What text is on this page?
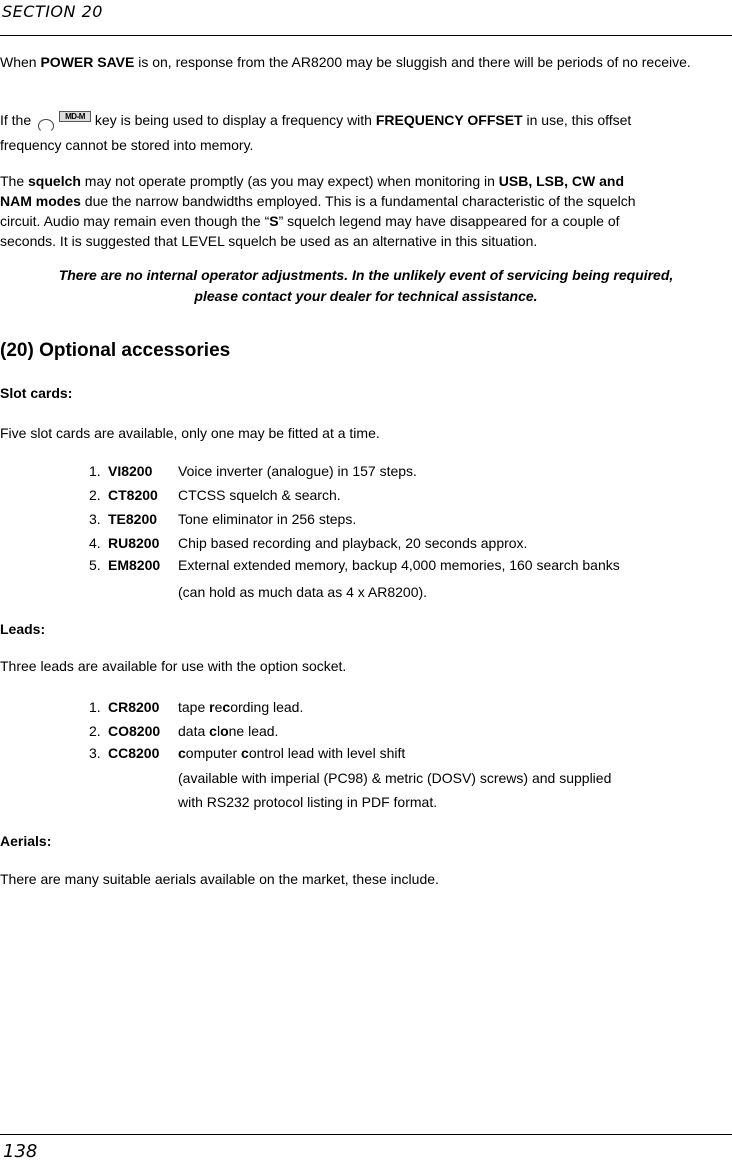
SECTION 20

When POWER SAVE is on, response from the AR8200 may be sluggish and there will be periods of no receive.

If the	MD-M key is being used to display a frequency with FREQUENCY OFFSET in use, this offset
frequency cannot be stored into memory.
The squelch may not operate promptly (as you may expect) when monitoring in USB, LSB, CW and
NAM modes due the narrow bandwidths employed. This is a fundamental characteristic of the squelch
circuit. Audio may remain even though the “S” squelch legend may have disappeared for a couple of
seconds. It is suggested that LEVEL squelch be used as an alternative in this situation.
There are no internal operator adjustments. In the unlikely event of servicing being required,
please contact your dealer for technical assistance.
(20) Optional accessories
Slot cards:
Five slot cards are available, only one may be fitted at a time.
1. VI8200 Voice inverter (analogue) in 157 steps.
2. CT8200 CTCSS squelch & search.
3. TE8200 Tone eliminator in 256 steps.
4. RU8200 Chip based recording and playback, 20 seconds approx.
5. EM8200 External extended memory, backup 4,000 memories, 160 search banks
(can hold as much data as 4 x AR8200).
Leads:
Three leads are available for use with the option socket.
1. CR8200 tape recording lead.
2. CO8200 data clone lead.
3. CC8200 computer control lead with level shift
(available with imperial (PC98) & metric (DOSV) screws) and supplied
with RS232 protocol listing in PDF format.
Aerials:
There are many suitable aerials available on the market, these include.
138
